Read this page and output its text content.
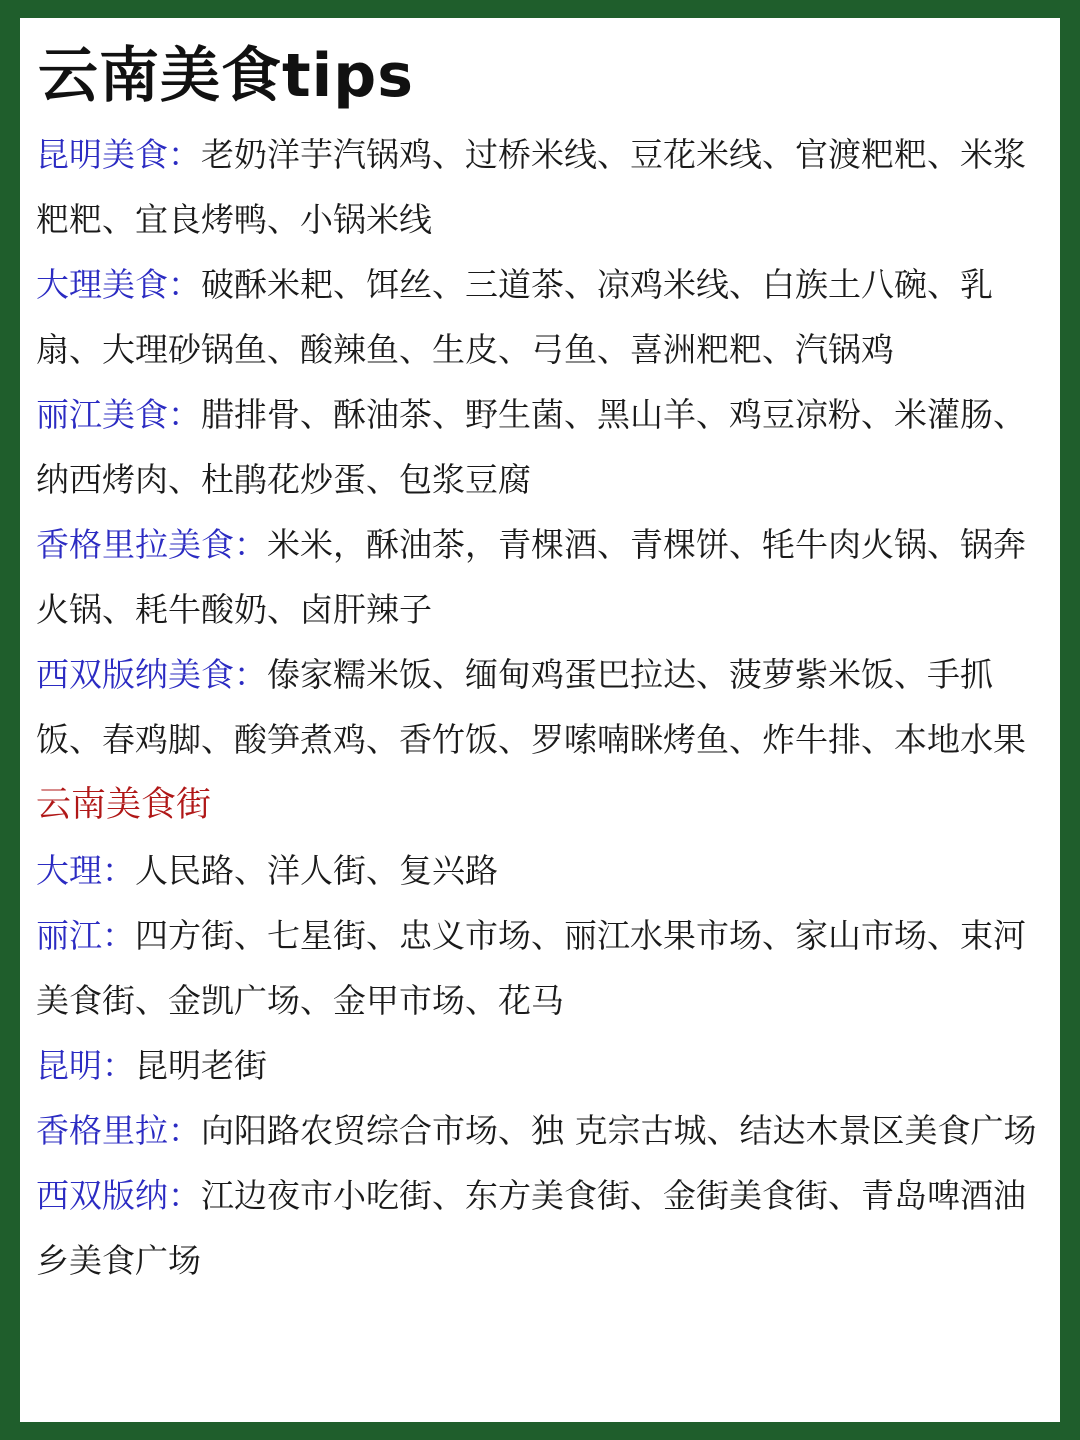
云南美食tips

昆明美食：老奶洋芋汽锅鸡、过桥米线、豆花米线、官渡粑粑、米浆粑粑、宜良烤鸭、小锅米线

大理美食：破酥米耙、饵丝、三道茶、凉鸡米线、白族土八碗、乳扇、大理砂锅鱼、酸辣鱼、生皮、弓鱼、喜洲粑粑、汽锅鸡

丽江美食：腊排骨、酥油茶、野生菌、黑山羊、鸡豆凉粉、米灌肠、纳西烤肉、杜鹃花炒蛋、包浆豆腐

香格里拉美食：米米，酥油茶，青棵酒、青棵饼、牦牛肉火锅、锅奔火锅、耗牛酸奶、卤肝辣子

西双版纳美食：傣家糯米饭、缅甸鸡蛋巴拉达、菠萝紫米饭、手抓饭、春鸡脚、酸笋煮鸡、香竹饭、罗嗦喃眯烤鱼、炸牛排、本地水果

云南美食街

大理：人民路、洋人街、复兴路

丽江：四方街、七星街、忠义市场、丽江水果市场、家山市场、束河美食街、金凯广场、金甲市场、花马

昆明：昆明老街

香格里拉：向阳路农贸综合市场、独 克宗古城、结达木景区美食广场

西双版纳：江边夜市小吃街、东方美食街、金街美食街、青岛啤酒油乡美食广场
